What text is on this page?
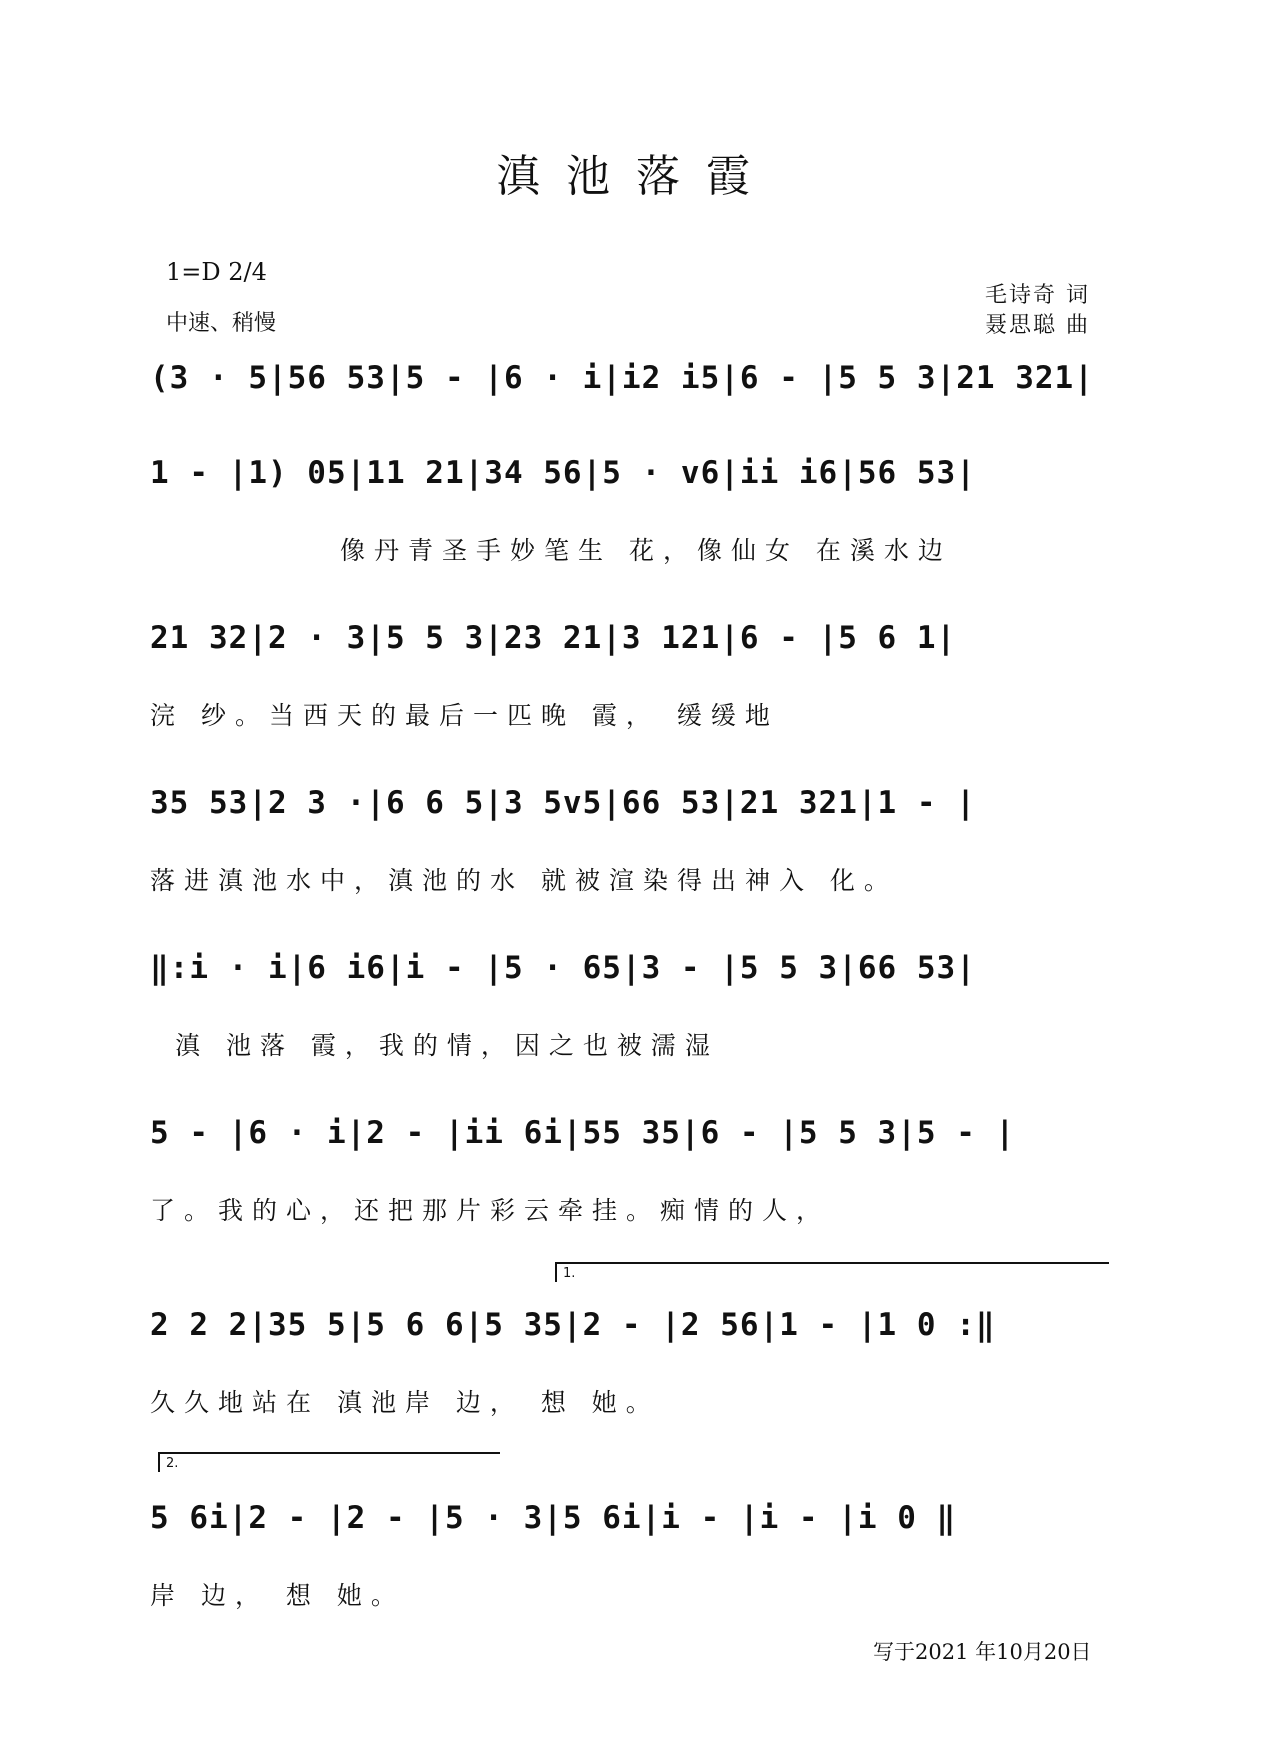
滇池落霞
1=D 2/4
中速、稍慢
毛诗奇 词
聂思聪 曲
(3 · 5|56 53|5 - |6 · i|i2 i5|6 - |5 5 3|21 321|
1 - |1) 05|11 21|34 56|5 · v6|ii i6|56 53|
像丹青圣手妙笔生 花，像仙女 在溪水边
21 32|2 · 3|5 5 3|23 21|3 121|6 - |5 6 1|
浣 纱。当西天的最后一匹晚 霞， 缓缓地
35 53|2 3 ·|6 6 5|3 5v5|66 53|21 321|1 - |
落进滇池水中，滇池的水 就被渲染得出神入 化。
‖:i · i|6 i6|i - |5 · 65|3 - |5 5 3|66 53|
滇 池落 霞，我的情，因之也被濡湿
5 - |6 · i|2 - |ii 6i|55 35|6 - |5 5 3|5 - |
了。我的心，还把那片彩云牵挂。痴情的人，
1.
2 2 2|35 5|5 6 6|5 35|2 - |2 56|1 - |1 0 :‖
久久地站在 滇池岸 边， 想 她。
2.
5 6i|2 - |2 - |5 · 3|5 6i|i - |i - |i 0 ‖
岸 边， 想 她。
写于2021 年10月20日
